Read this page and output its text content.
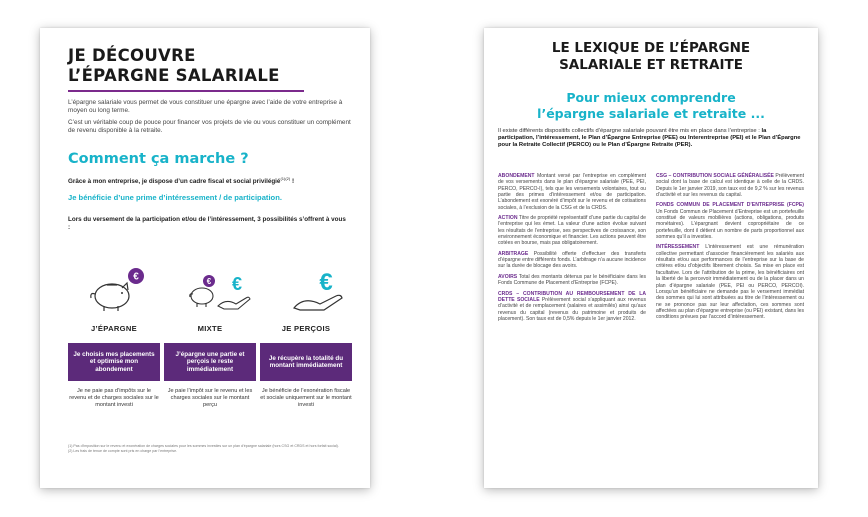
JE DÉCOUVRE
L’ÉPARGNE SALARIALE

L’épargne salariale vous permet de vous constituer une épargne avec l’aide de votre entreprise à moyen ou long terme.

C’est un véritable coup de pouce pour financer vos projets de vie ou vous constituer un complément de revenu disponible à la retraite.

Comment ça marche ?
Grâce à mon entreprise, je dispose d’un cadre fiscal et social privilégié$^{(1)(2)}$ !
Je bénéficie d’une prime d’intéressement / de participation.
Lors du versement de la participation et/ou de l’intéressement, 3 possibilités s’offrent à vous :
€	€ €	€
J’ÉPARGNE	MIXTE	JE PERÇOIS
Je choisis mes placements et optimise mon abondement
J’épargne une partie et perçois le reste immédiatement
Je récupère la totalité du montant immédiatement
Je ne paie pas d’impôts sur le revenu et de charges sociales sur le montant investi
Je paie l’impôt sur le revenu et les charges sociales sur le montant perçu
Je bénéficie de l’exonération fiscale et sociale uniquement sur le montant investi
(1) Pas d’imposition sur le revenu et exonération de charges sociales pour les sommes investies sur un plan d’épargne salariale (hors CSG et CRDS et hors forfait social).
(2) Les frais de tenue de compte sont pris en charge par l’entreprise.
LE LEXIQUE DE L’ÉPARGNE
SALARIALE ET RETRAITE
Pour mieux comprendre
l’épargne salariale et retraite ...

Il existe différents dispositifs collectifs d’épargne salariale pouvant être mis en place dans l’entreprise : la participation, l’intéressement, le Plan d’Épargne Entreprise (PEE) ou Interentreprise (PEI) et le Plan d’Épargne pour la Retraite Collectif (PERCO) ou le Plan d’Épargne Retraite (PER).

ABONDEMENT Montant versé par l’entreprise en complément de vos versements dans le plan d’épargne salariale (PEE, PEI, PERCO, PERCO-I), tels que les versements volontaires, tout ou partie des primes d’intéressement et/ou de participation. L’abondement est exonéré d’impôt sur le revenu et de cotisations sociales, à l’exclusion de la CSG et de la CRDS.

ACTION Titre de propriété représentatif d’une partie du capital de l’entreprise qui les émet. La valeur d’une action évolue suivant les résultats de l’entreprise, ses perspectives de croissance, son environnement économique et financier. Les actions peuvent être cotées en bourse, mais pas obligatoirement.

ARBITRAGE Possibilité offerte d’effectuer des transferts d’épargne entre différents fonds. L’arbitrage n’a aucune incidence sur la durée de blocage des avoirs.

AVOIRS Total des montants détenus par le bénéficiaire dans les Fonds Commune de Placement d’Entreprise (FCPE).

CRDS – CONTRIBUTION AU REMBOURSEMENT DE LA DETTE SOCIALE Prélèvement social s’appliquant aux revenus d’activité et de remplacement (salaires et assimilés) ainsi qu’aux revenus du capital (revenus du patrimoine et produits de placement). Son taux est de 0,5% depuis le 1er janvier 2012.

CSG – CONTRIBUTION SOCIALE GÉNÉRALISÉE Prélèvement social dont la base de calcul est identique à celle de la CRDS. Depuis le 1er janvier 2019, son taux est de 9,2 % sur les revenus d’activité et sur les revenus du capital.

FONDS COMMUN DE PLACEMENT D’ENTREPRISE (FCPE) Un Fonds Commun de Placement d’Entreprise est un portefeuille constitué de valeurs mobilières (actions, obligations, produits monétaires). L’épargnant devient copropriétaire de ce portefeuille, dont il détient un nombre de parts proportionnel aux sommes qu’il a investies.

INTÉRESSEMENT L’intéressement est une rémunération collective permettant d’associer financièrement les salariés aux résultats et/ou aux performances de l’entreprise sur la base de critères et/ou d’objectifs librement choisis. Sa mise en place est facultative. Lors de l’attribution de la prime, les bénéficiaires ont la liberté de la percevoir immédiatement ou de la placer dans un plan d’épargne salariale (PEE, PEI ou PERCO, PERCOI). Lorsqu’un bénéficiaire ne demande pas le versement immédiat des sommes qui lui sont attribuées au titre de l’intéressement ou ne se prononce pas sur leur affectation, ces sommes sont affectées au plan d’épargne entreprise (ou PEI) existant, dans les conditions prévues par l’accord d’intéressement.
